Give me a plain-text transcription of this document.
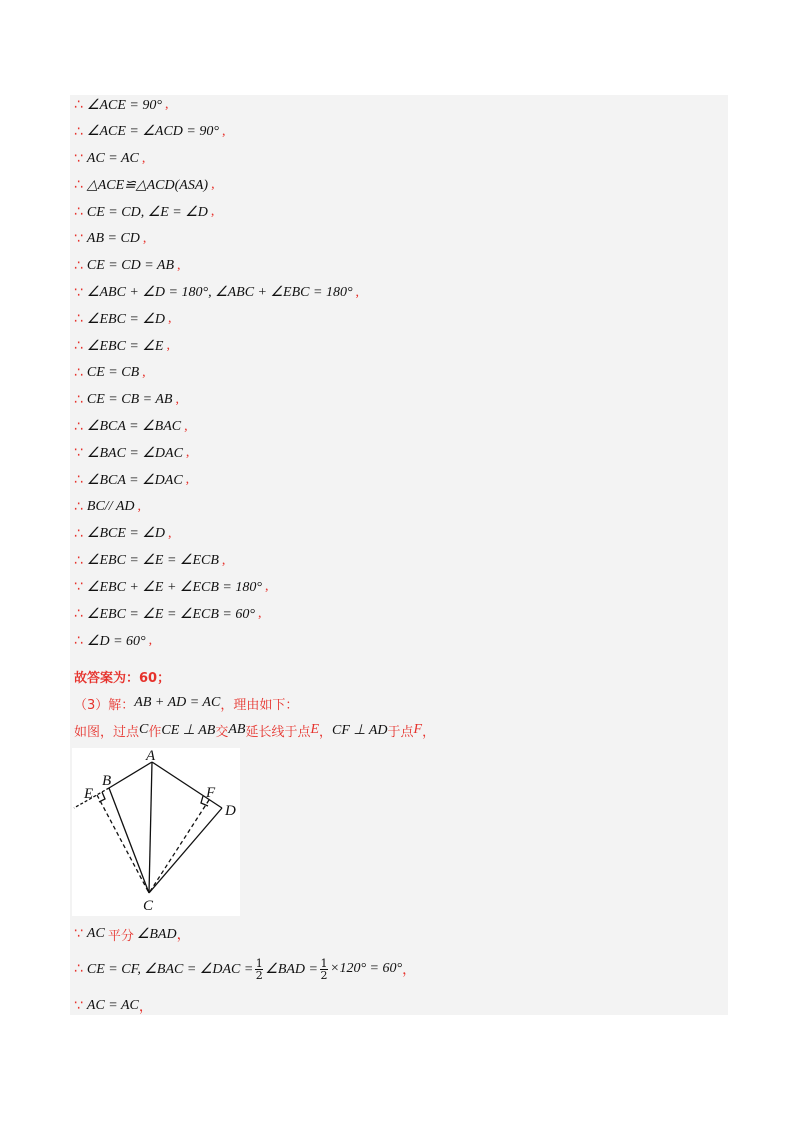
∴ ∠ACE = 90° ,
∴ ∠ACE = ∠ACD = 90° ,
∵ AC = AC ,
∴ △ACE≌△ACD(ASA) ,
∴ CE = CD, ∠E = ∠D ,
∵ AB = CD ,
∴ CE = CD = AB ,
∵ ∠ABC + ∠D = 180°, ∠ABC + ∠EBC = 180° ,
∴ ∠EBC = ∠D ,
∴ ∠EBC = ∠E ,
∴ CE = CB ,
∴ CE = CB = AB ,
∴ ∠BCA = ∠BAC ,
∵ ∠BAC = ∠DAC ,
∴ ∠BCA = ∠DAC ,
∴ BC// AD ,
∴ ∠BCE = ∠D ,
∴ ∠EBC = ∠E = ∠ECB ,
∵ ∠EBC + ∠E + ∠ECB = 180° ,
∴ ∠EBC = ∠E = ∠ECB = 60° ,
∴ ∠D = 60° ,
故答案为：60；
（3）解： AB + AD = AC ，理由如下：
如图，过点 C 作 CE ⊥ AB 交 AB 延长线于点 E ， CF ⊥ AD 于点 F ，
A
B
E	F
D
C
∵ AC 平分 ∠BAD ，
∴ CE = CF, ∠BAC = ∠DAC = $\frac{1}{2}$ ∠BAD = $\frac{1}{2} \times 120^\circ = 60^\circ$ ，
∵ AC = AC ，
